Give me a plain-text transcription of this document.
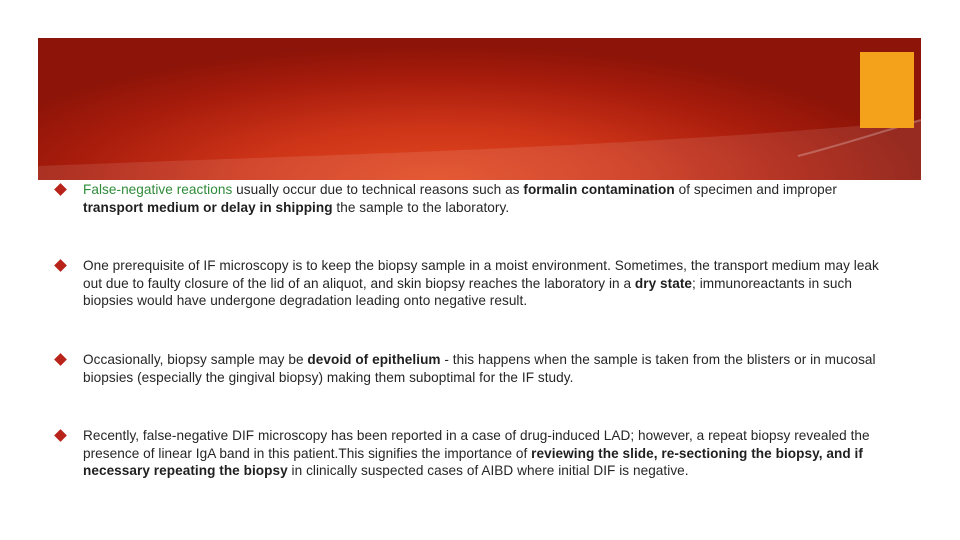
False-negative reactions usually occur due to technical reasons such as formalin contamination of specimen and improper transport medium or delay in shipping the sample to the laboratory.
One prerequisite of IF microscopy is to keep the biopsy sample in a moist environment. Sometimes, the transport medium may leak out due to faulty closure of the lid of an aliquot, and skin biopsy reaches the laboratory in a dry state; immunoreactants in such biopsies would have undergone degradation leading onto negative result.
Occasionally, biopsy sample may be devoid of epithelium - this happens when the sample is taken from the blisters or in mucosal biopsies (especially the gingival biopsy) making them suboptimal for the IF study.
Recently, false-negative DIF microscopy has been reported in a case of drug-induced LAD; however, a repeat biopsy revealed the presence of linear IgA band in this patient.This signifies the importance of reviewing the slide, re-sectioning the biopsy, and if necessary repeating the biopsy in clinically suspected cases of AIBD where initial DIF is negative.
